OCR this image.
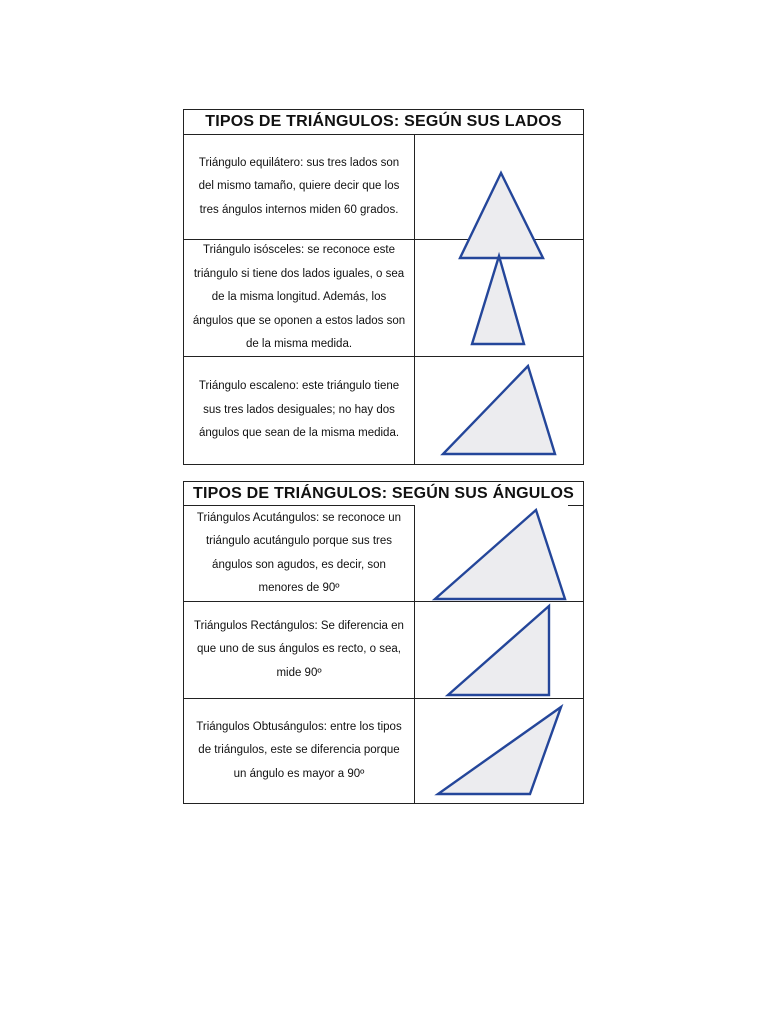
TIPOS DE TRIÁNGULOS: SEGÚN SUS LADOS
Triángulo equilátero: sus tres lados son del mismo tamaño, quiere decir que los tres ángulos internos miden 60 grados.
Triángulo isósceles: se reconoce este triángulo si tiene dos lados iguales, o sea de la misma longitud. Además, los ángulos que se oponen a estos lados son de la misma medida.
Triángulo escaleno: este triángulo tiene sus tres lados desiguales; no hay dos ángulos que sean de la misma medida.
TIPOS DE TRIÁNGULOS: SEGÚN SUS ÁNGULOS
Triángulos Acutángulos: se reconoce un triángulo acutángulo porque sus tres ángulos son agudos, es decir, son menores de 90º
Triángulos Rectángulos: Se diferencia en que uno de sus ángulos es recto, o sea, mide 90º
Triángulos Obtusángulos: entre los tipos de triángulos, este se diferencia porque un ángulo es mayor a 90º
